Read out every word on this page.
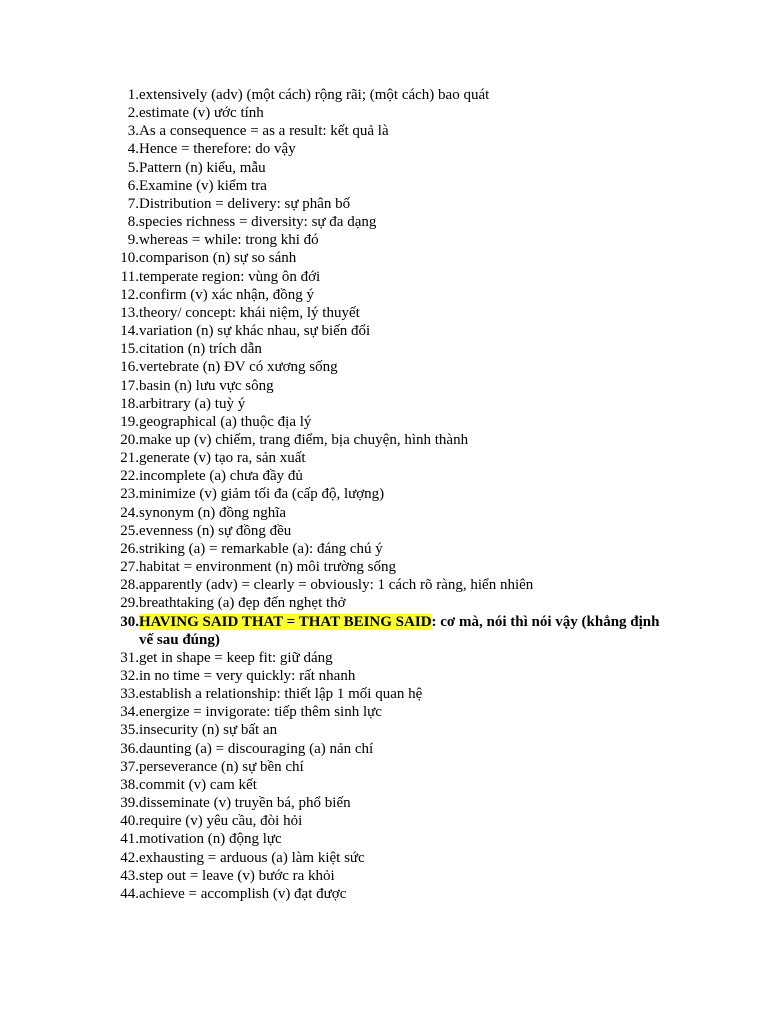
1. extensively (adv) (một cách) rộng rãi; (một cách) bao quát
2. estimate (v) ước tính
3. As a consequence = as a result: kết quả là
4. Hence = therefore: do vậy
5. Pattern (n) kiểu, mẫu
6. Examine (v) kiểm tra
7. Distribution = delivery: sự phân bố
8. species richness = diversity: sự đa dạng
9. whereas = while: trong khi đó
10. comparison (n) sự so sánh
11. temperate region: vùng ôn đới
12. confirm (v) xác nhận, đồng ý
13. theory/ concept: khái niệm, lý thuyết
14. variation (n) sự khác nhau, sự biến đổi
15. citation (n) trích dẫn
16. vertebrate (n) ĐV có xương sống
17. basin (n) lưu vực sông
18. arbitrary (a) tuỳ ý
19. geographical (a) thuộc địa lý
20. make up (v) chiếm, trang điểm, bịa chuyện, hình thành
21. generate (v) tạo ra, sản xuất
22. incomplete (a) chưa đầy đủ
23. minimize (v) giảm tối đa (cấp độ, lượng)
24. synonym (n) đồng nghĩa
25. evenness (n) sự đồng đều
26. striking (a) = remarkable (a): đáng chú ý
27. habitat = environment (n) môi trường sống
28. apparently (adv) = clearly = obviously: 1 cách rõ ràng, hiển nhiên
29. breathtaking (a) đẹp đến nghẹt thở
30. HAVING SAID THAT = THAT BEING SAID: cơ mà, nói thì nói vậy (khẳng định vế sau đúng)
31. get in shape = keep fit: giữ dáng
32. in no time = very quickly: rất nhanh
33. establish a relationship: thiết lập 1 mối quan hệ
34. energize = invigorate: tiếp thêm sinh lực
35. insecurity (n) sự bất an
36. daunting (a) = discouraging (a) nản chí
37. perseverance (n) sự bền chí
38. commit (v) cam kết
39. disseminate (v) truyền bá, phổ biến
40. require (v) yêu cầu, đòi hỏi
41. motivation (n) động lực
42. exhausting = arduous (a) làm kiệt sức
43. step out = leave (v) bước ra khỏi
44. achieve = accomplish (v) đạt được
